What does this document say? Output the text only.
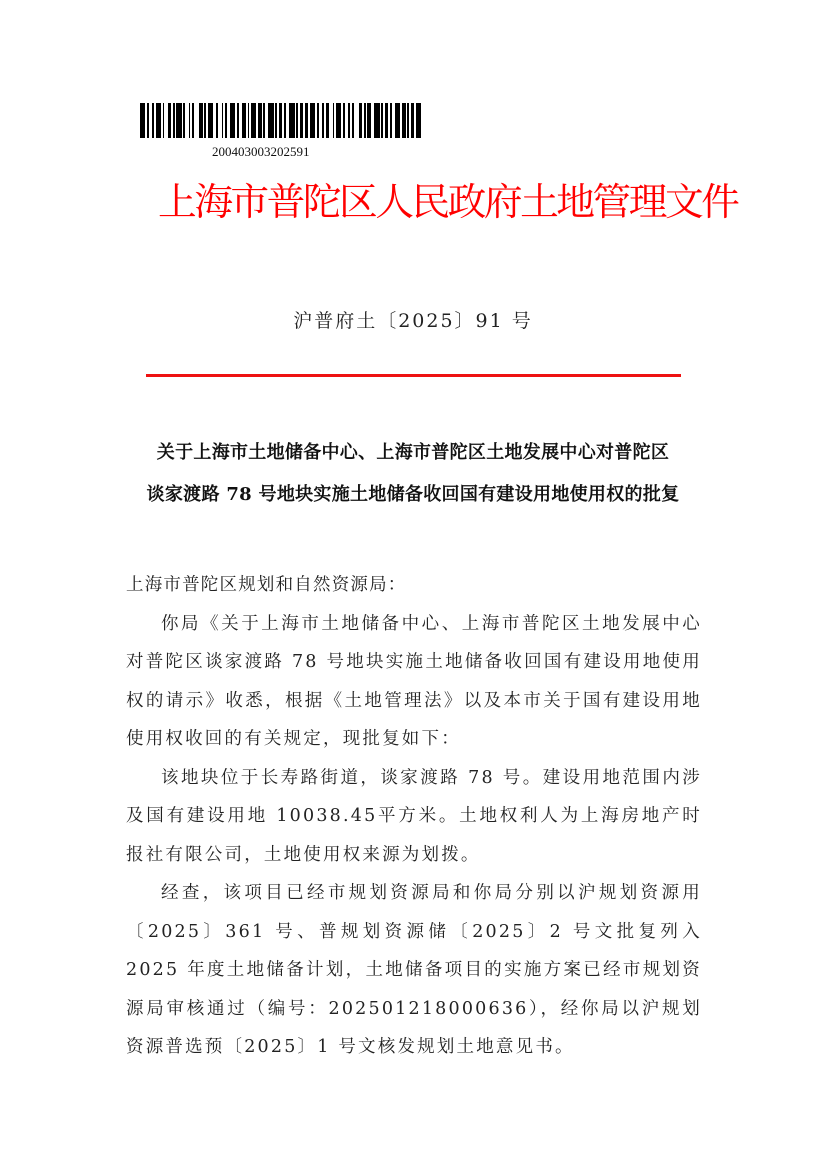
200403003202591
上海市普陀区人民政府土地管理文件
沪普府土〔2025〕91 号
关于上海市土地储备中心、上海市普陀区土地发展中心对普陀区
谈家渡路 78 号地块实施土地储备收回国有建设用地使用权的批复

上海市普陀区规划和自然资源局：

你局《关于上海市土地储备中心、上海市普陀区土地发展中心对普陀区谈家渡路 78 号地块实施土地储备收回国有建设用地使用权的请示》收悉，根据《土地管理法》以及本市关于国有建设用地使用权收回的有关规定，现批复如下：

该地块位于长寿路街道，谈家渡路 78 号。建设用地范围内涉及国有建设用地 10038.45平方米。土地权利人为上海房地产时报社有限公司，土地使用权来源为划拨。

经查，该项目已经市规划资源局和你局分别以沪规划资源用〔2025〕361 号、普规划资源储〔2025〕2 号文批复列入 2025 年度土地储备计划，土地储备项目的实施方案已经市规划资源局审核通过（编号：202501218000636），经你局以沪规划资源普选预〔2025〕1 号文核发规划土地意见书。
